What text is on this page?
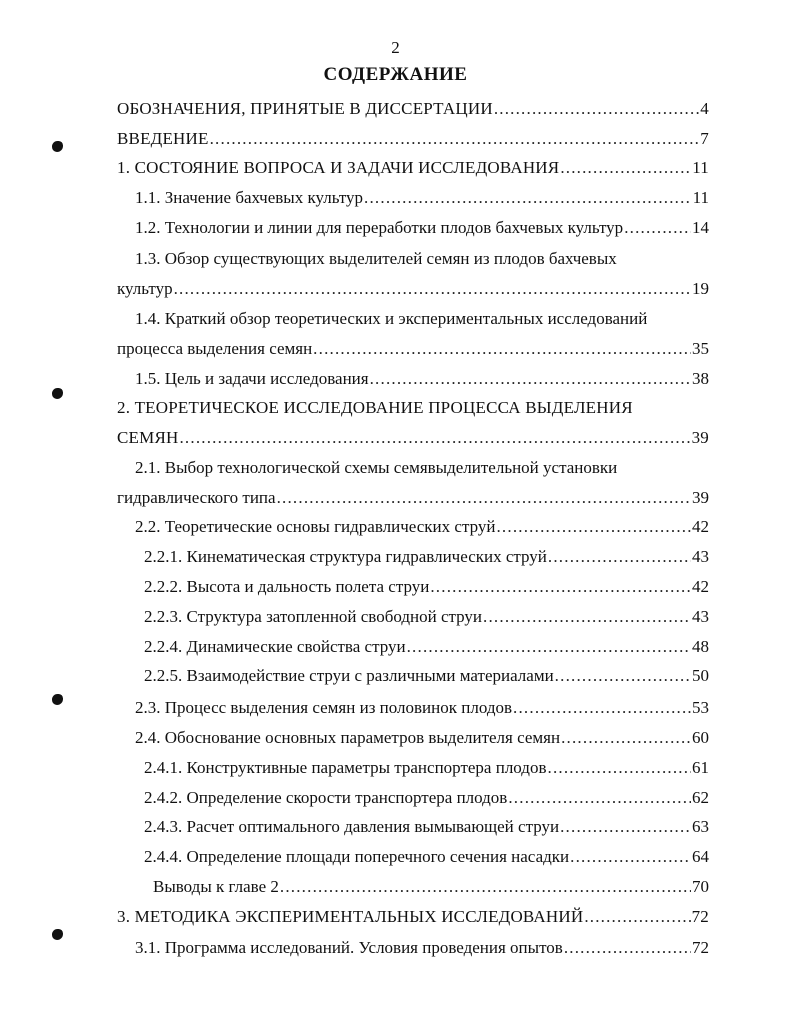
2
СОДЕРЖАНИЕ
ОБОЗНАЧЕНИЯ, ПРИНЯТЫЕ В ДИССЕРТАЦИИ .....	4
ВВЕДЕНИЕ .....	7
1. СОСТОЯНИЕ ВОПРОСА И ЗАДАЧИ ИССЛЕДОВАНИЯ .....	11
1.1. Значение бахчевых культур .....	11
1.2. Технологии и линии для переработки плодов бахчевых культур .....	14
1.3. Обзор существующих выделителей семян из плодов бахчевых
культур .....	19
1.4. Краткий обзор теоретических и экспериментальных исследований
процесса выделения семян .....	35
1.5. Цель и задачи исследования .....	38
2. ТЕОРЕТИЧЕСКОЕ ИССЛЕДОВАНИЕ ПРОЦЕССА ВЫДЕЛЕНИЯ
СЕМЯН .....	39
2.1. Выбор технологической схемы семявыделительной установки
гидравлического типа .....	39
2.2. Теоретические основы гидравлических струй .....	42
2.2.1. Кинематическая структура гидравлических струй .....	43
2.2.2. Высота и дальность полета струи .....	42
2.2.3. Структура затопленной свободной струи .....	43
2.2.4. Динамические свойства струи .....	48
2.2.5. Взаимодействие струи с различными материалами .....	50
2.3. Процесс выделения семян из половинок плодов .....	53
2.4. Обоснование основных параметров выделителя семян .....	60
2.4.1. Конструктивные параметры транспортера плодов .....	61
2.4.2. Определение скорости транспортера плодов .....	62
2.4.3. Расчет оптимального давления вымывающей струи .....	63
2.4.4. Определение площади поперечного сечения насадки .....	64
Выводы к главе 2 .....	70
3. МЕТОДИКА ЭКСПЕРИМЕНТАЛЬНЫХ ИССЛЕДОВАНИЙ .....	72
3.1. Программа исследований. Условия проведения опытов .....	72
